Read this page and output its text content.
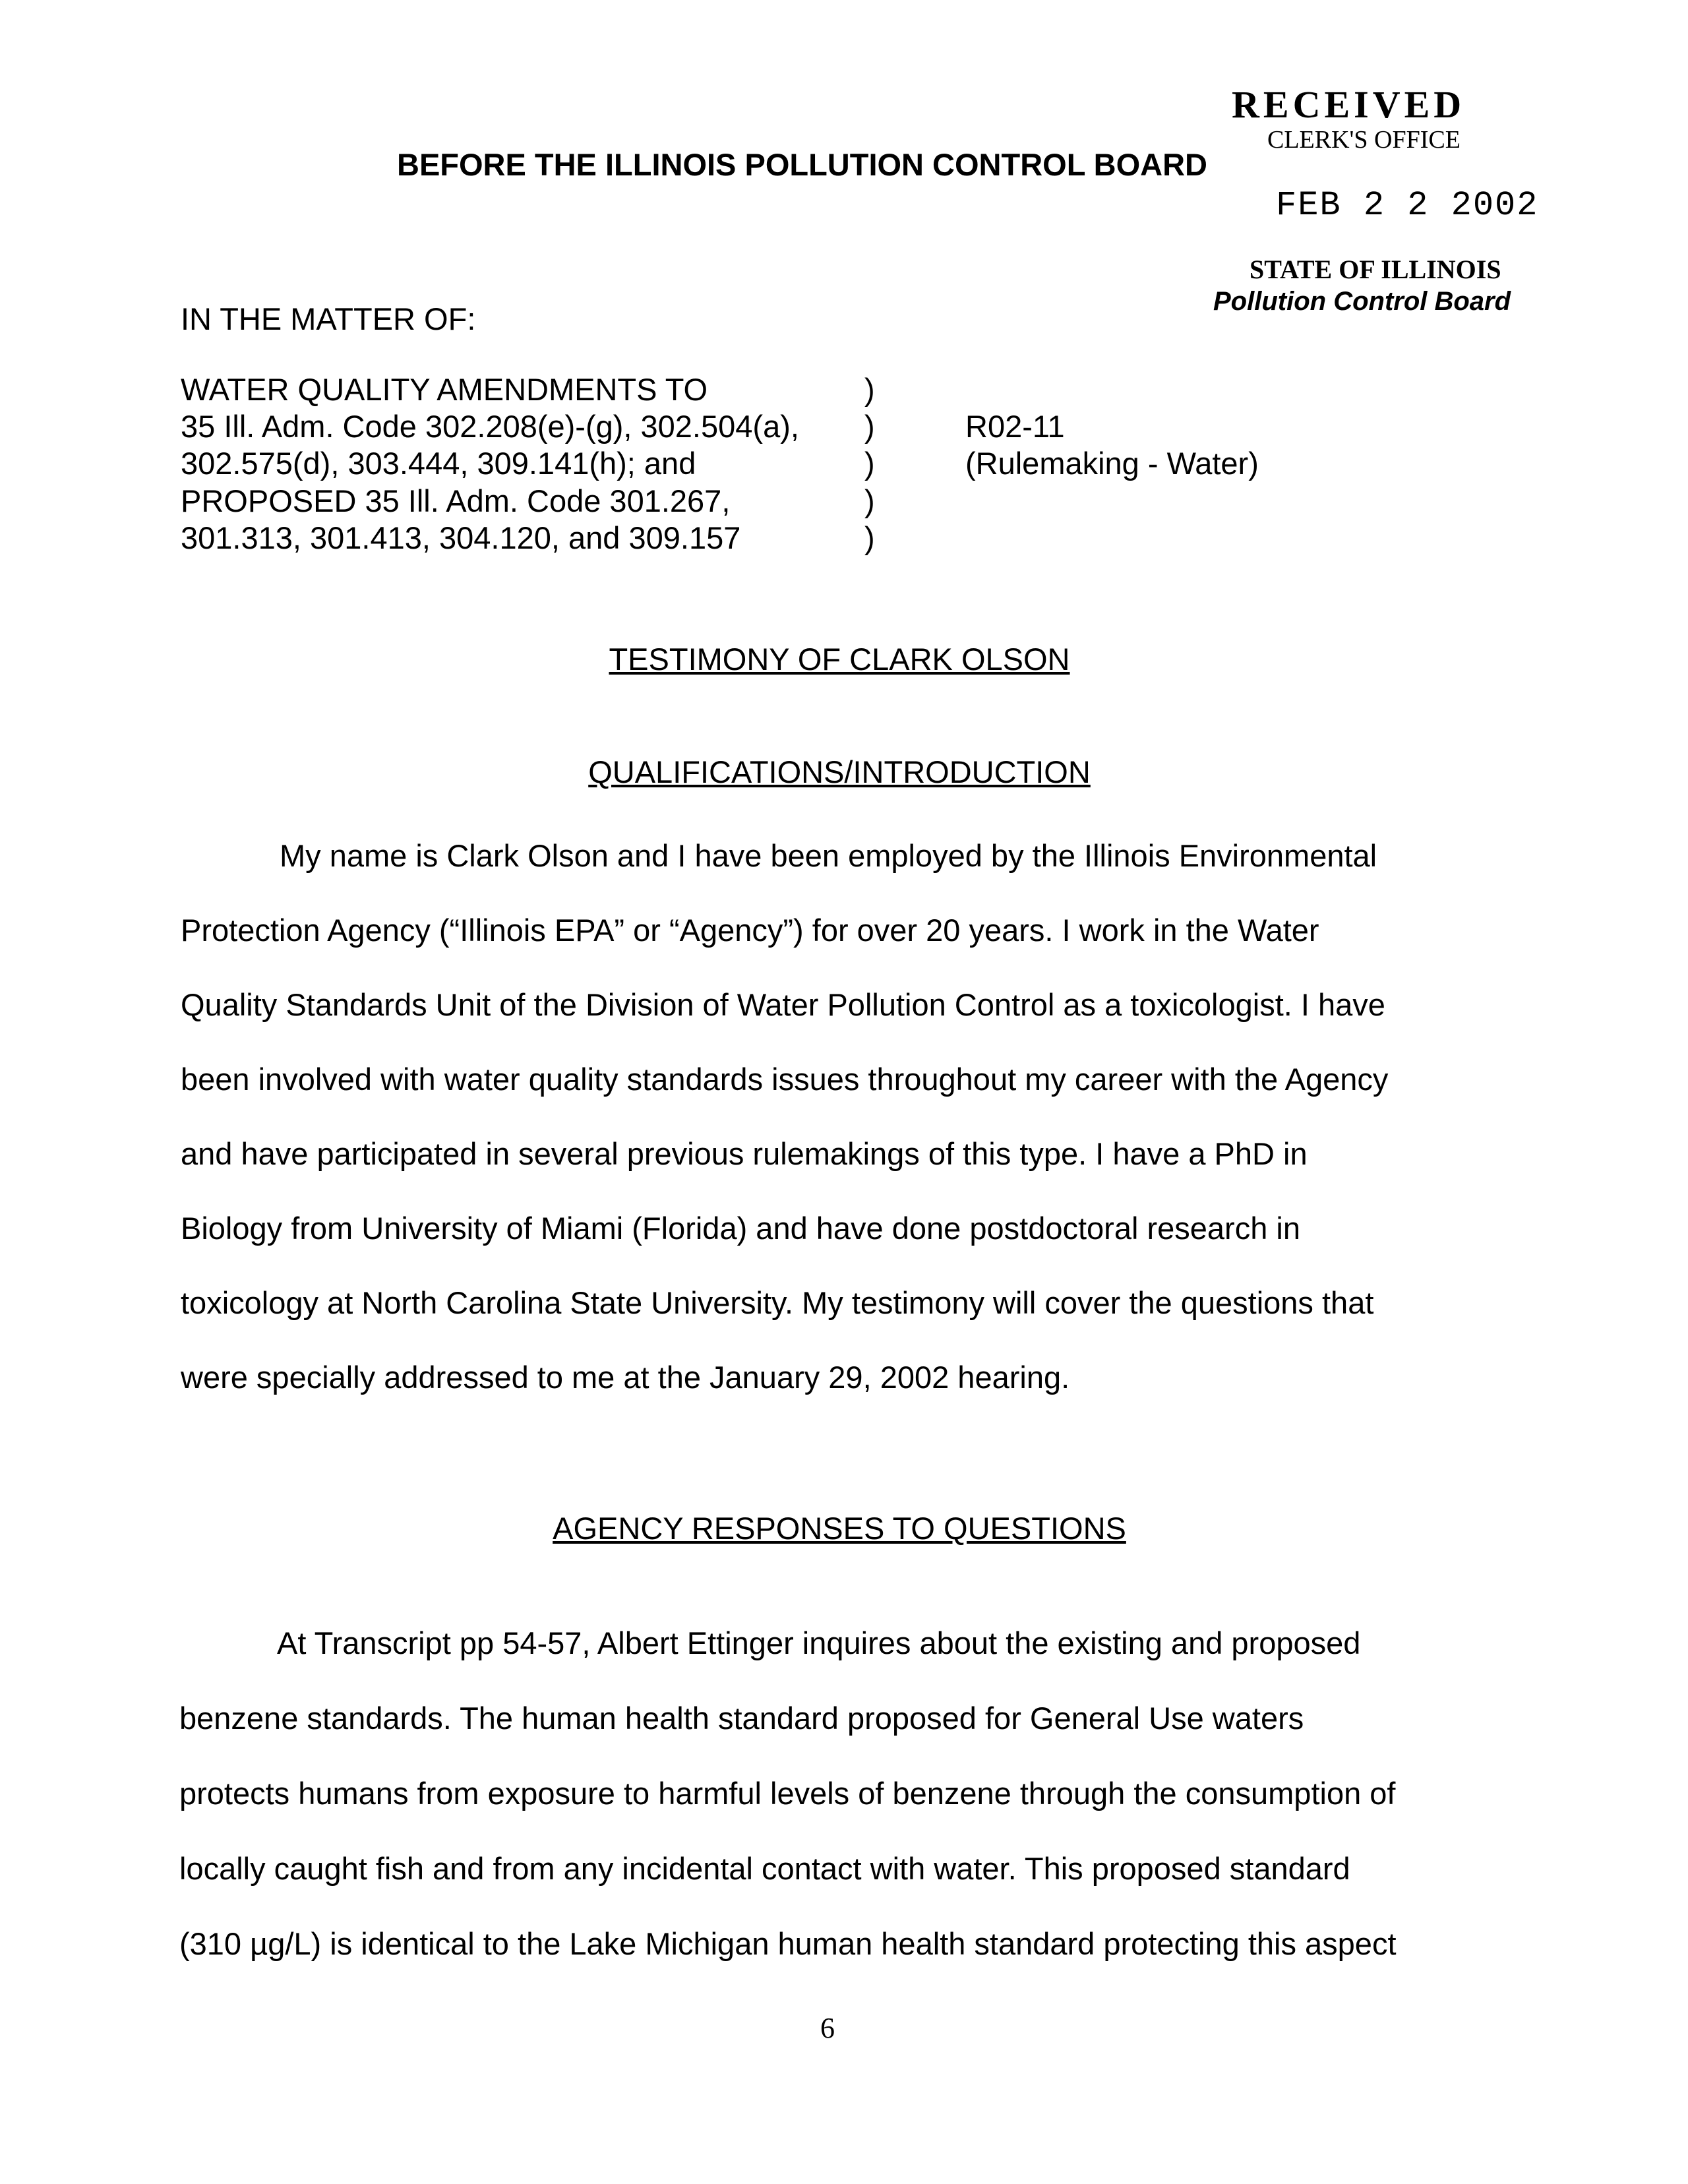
RECEIVED
CLERK'S OFFICE
FEB 2 2 2002
STATE OF ILLINOIS
Pollution Control Board
BEFORE THE ILLINOIS POLLUTION CONTROL BOARD
IN THE MATTER OF:
WATER QUALITY AMENDMENTS TO
35 Ill. Adm. Code 302.208(e)-(g), 302.504(a),
302.575(d), 303.444, 309.141(h); and
PROPOSED 35 Ill. Adm. Code 301.267,
301.313, 301.413, 304.120, and 309.157
)
)
)
)
)
R02-11
(Rulemaking - Water)
TESTIMONY OF CLARK OLSON
QUALIFICATIONS/INTRODUCTION
My name is Clark Olson and I have been employed by the Illinois Environmental
Protection Agency (“Illinois EPA” or “Agency”) for over 20 years. I work in the Water
Quality Standards Unit of the Division of Water Pollution Control as a toxicologist. I have
been involved with water quality standards issues throughout my career with the Agency
and have participated in several previous rulemakings of this type. I have a PhD in
Biology from University of Miami (Florida) and have done postdoctoral research in
toxicology at North Carolina State University. My testimony will cover the questions that
were specially addressed to me at the January 29, 2002 hearing.
AGENCY RESPONSES TO QUESTIONS
At Transcript pp 54-57, Albert Ettinger inquires about the existing and proposed
benzene standards. The human health standard proposed for General Use waters
protects humans from exposure to harmful levels of benzene through the consumption of
locally caught fish and from any incidental contact with water. This proposed standard
(310 µg/L) is identical to the Lake Michigan human health standard protecting this aspect
6
